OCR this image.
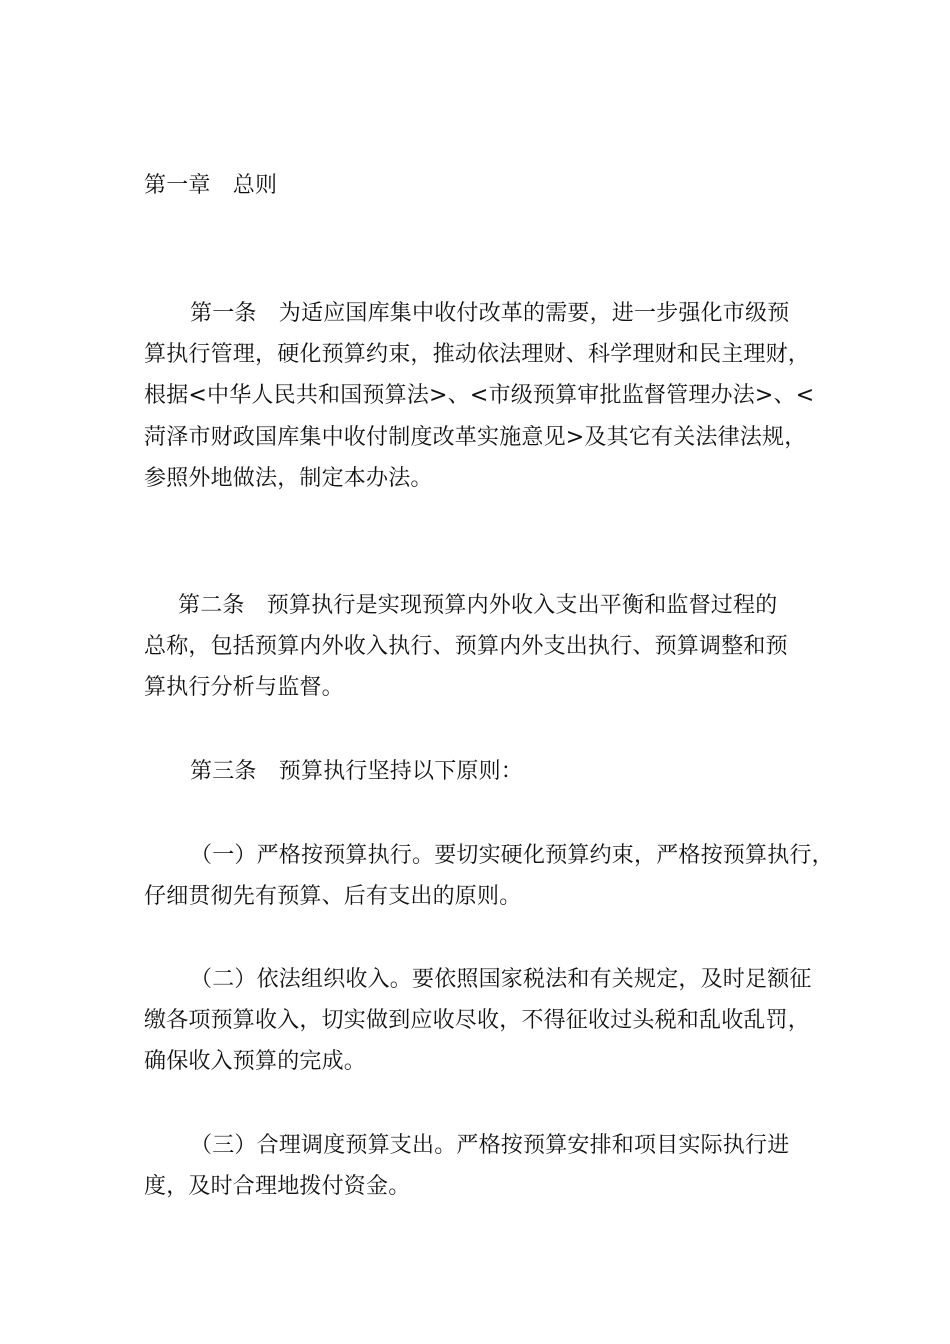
第一章　总则
第一条　为适应国库集中收付改革的需要，进一步强化市级预
算执行管理，硬化预算约束，推动依法理财、科学理财和民主理财，
根据<中华人民共和国预算法>、<市级预算审批监督管理办法>、<
菏泽市财政国库集中收付制度改革实施意见>及其它有关法律法规，
参照外地做法，制定本办法。
第二条　预算执行是实现预算内外收入支出平衡和监督过程的
总称，包括预算内外收入执行、预算内外支出执行、预算调整和预
算执行分析与监督。
第三条　预算执行坚持以下原则：
（一）严格按预算执行。要切实硬化预算约束，严格按预算执行，
仔细贯彻先有预算、后有支出的原则。
（二）依法组织收入。要依照国家税法和有关规定，及时足额征
缴各项预算收入，切实做到应收尽收，不得征收过头税和乱收乱罚，
确保收入预算的完成。
（三）合理调度预算支出。严格按预算安排和项目实际执行进
度，及时合理地拨付资金。
